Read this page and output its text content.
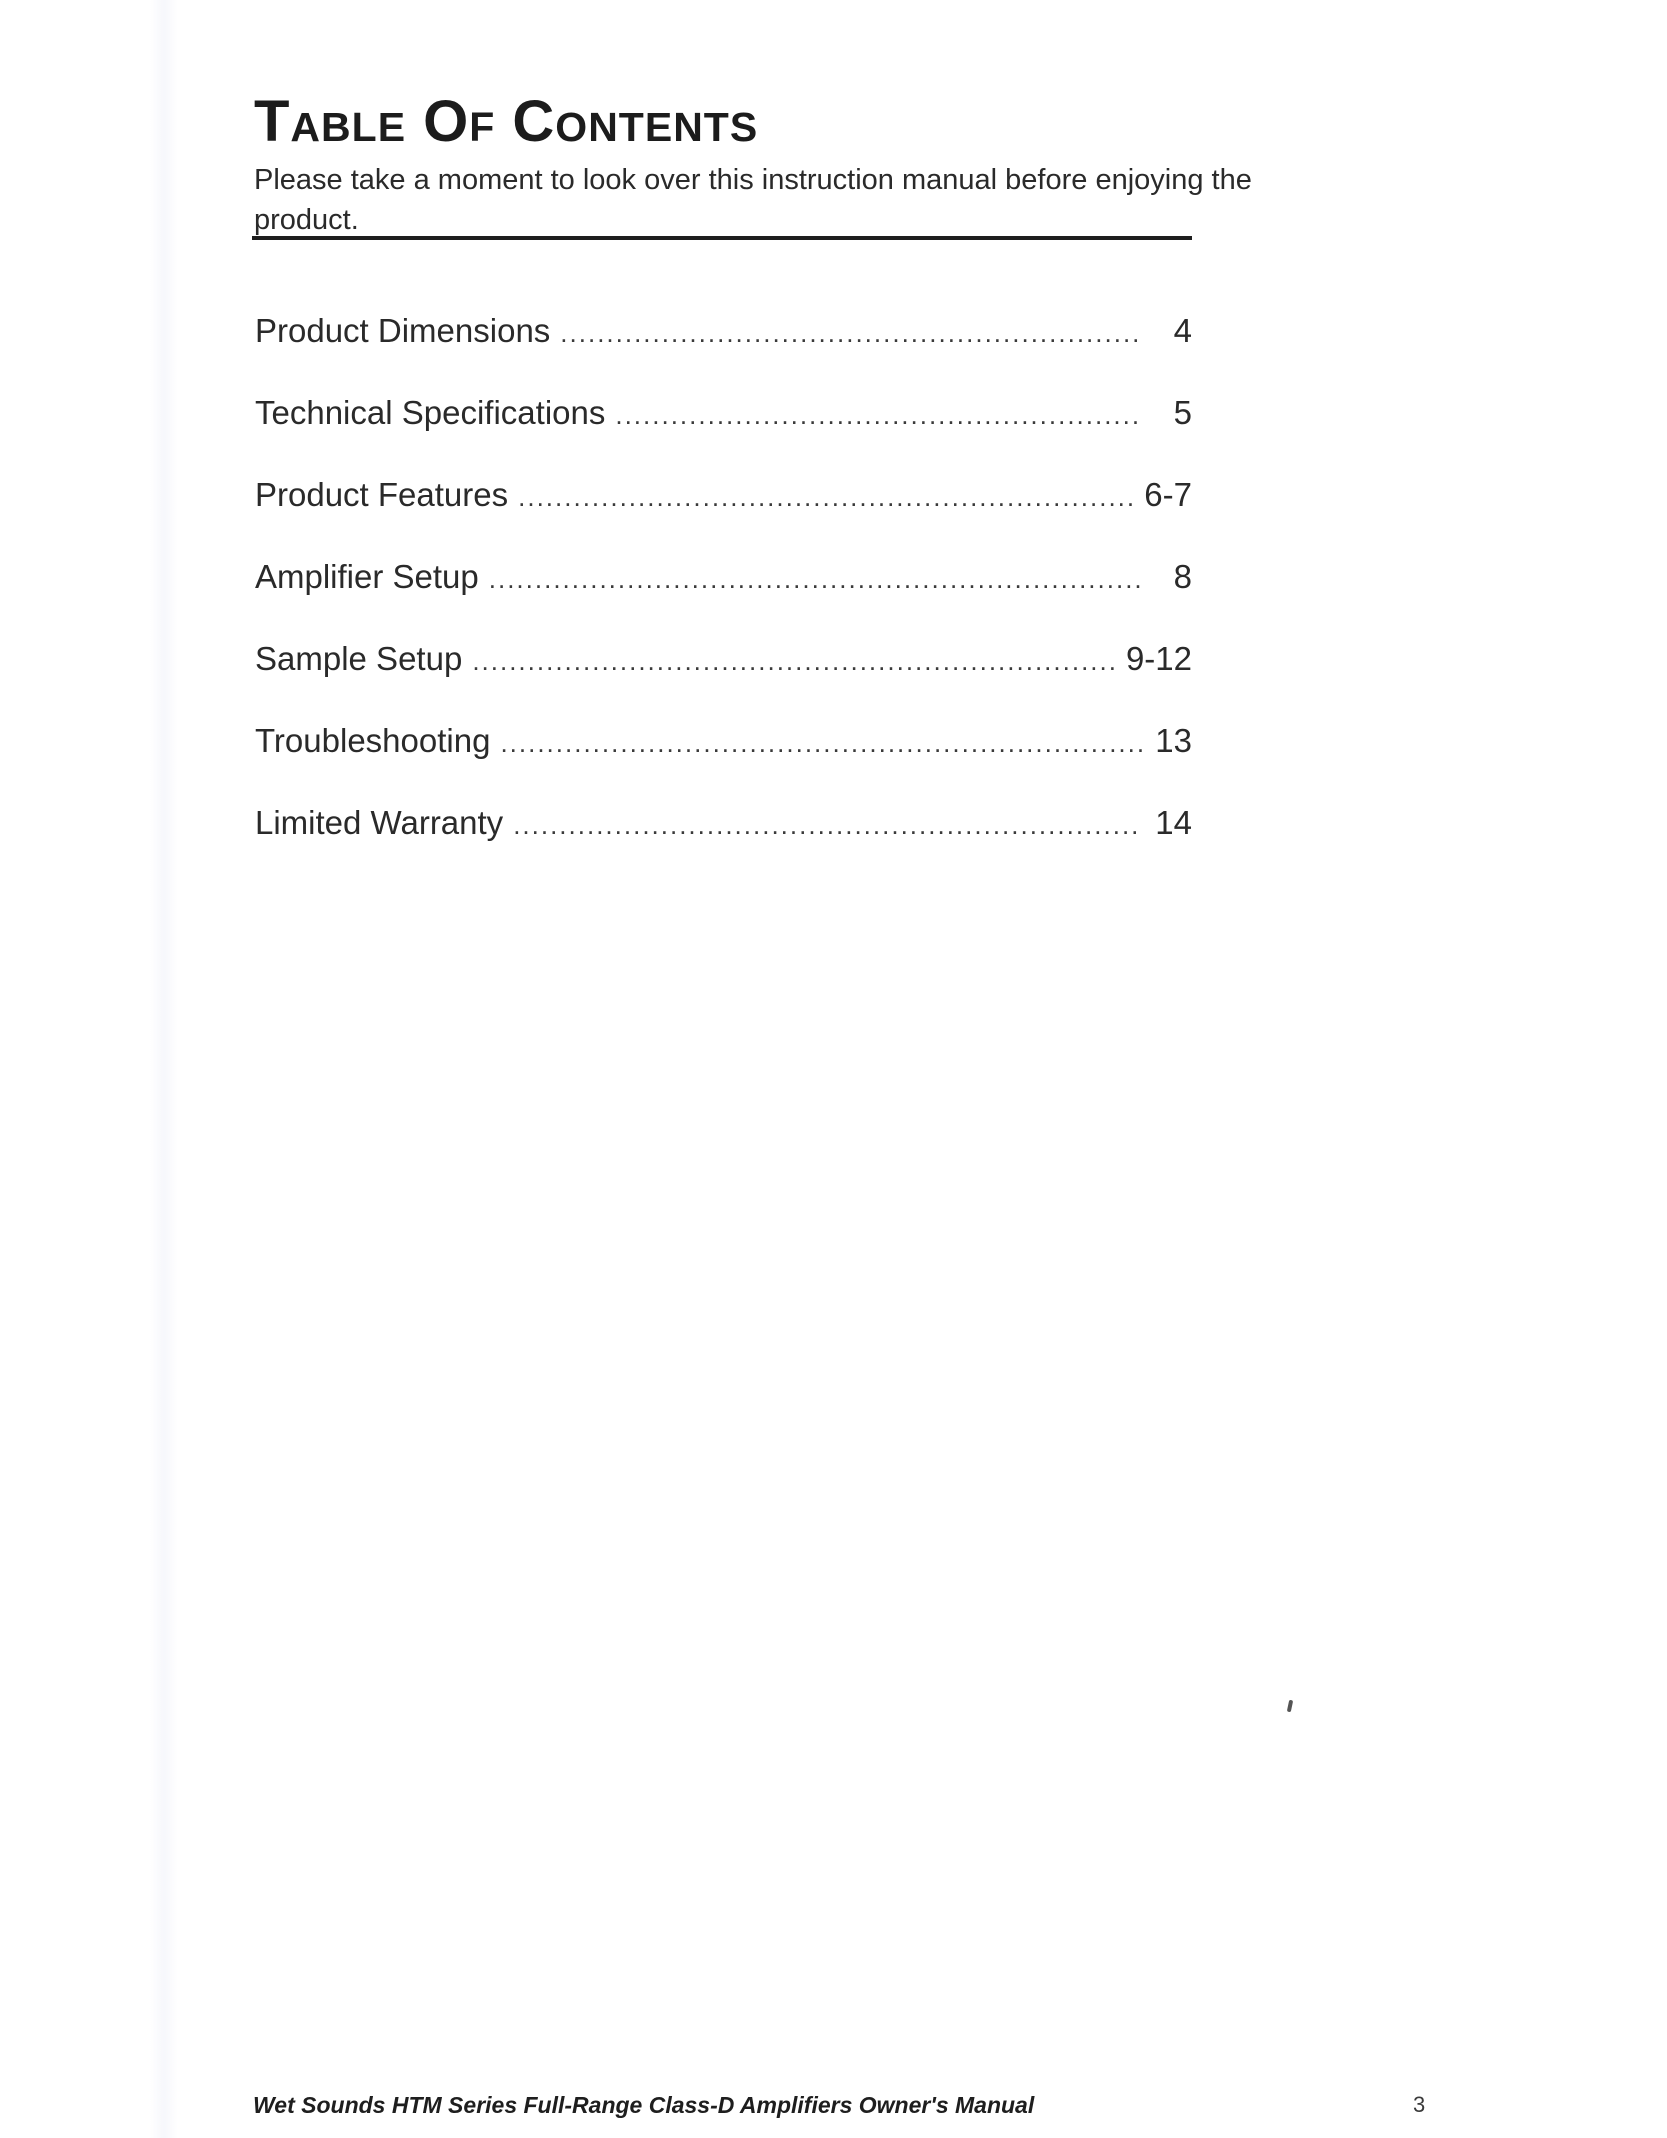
Table Of Contents

Please take a moment to look over this instruction manual before enjoying the product.

Product Dimensions .....	4
Technical Specifications .....	5
Product Features .....	6-7
Amplifier Setup .....	8
Sample Setup .....	9-12
Troubleshooting .....	13
Limited Warranty .....	14
Wet Sounds HTM Series Full-Range Class-D Amplifiers Owner's Manual	3
